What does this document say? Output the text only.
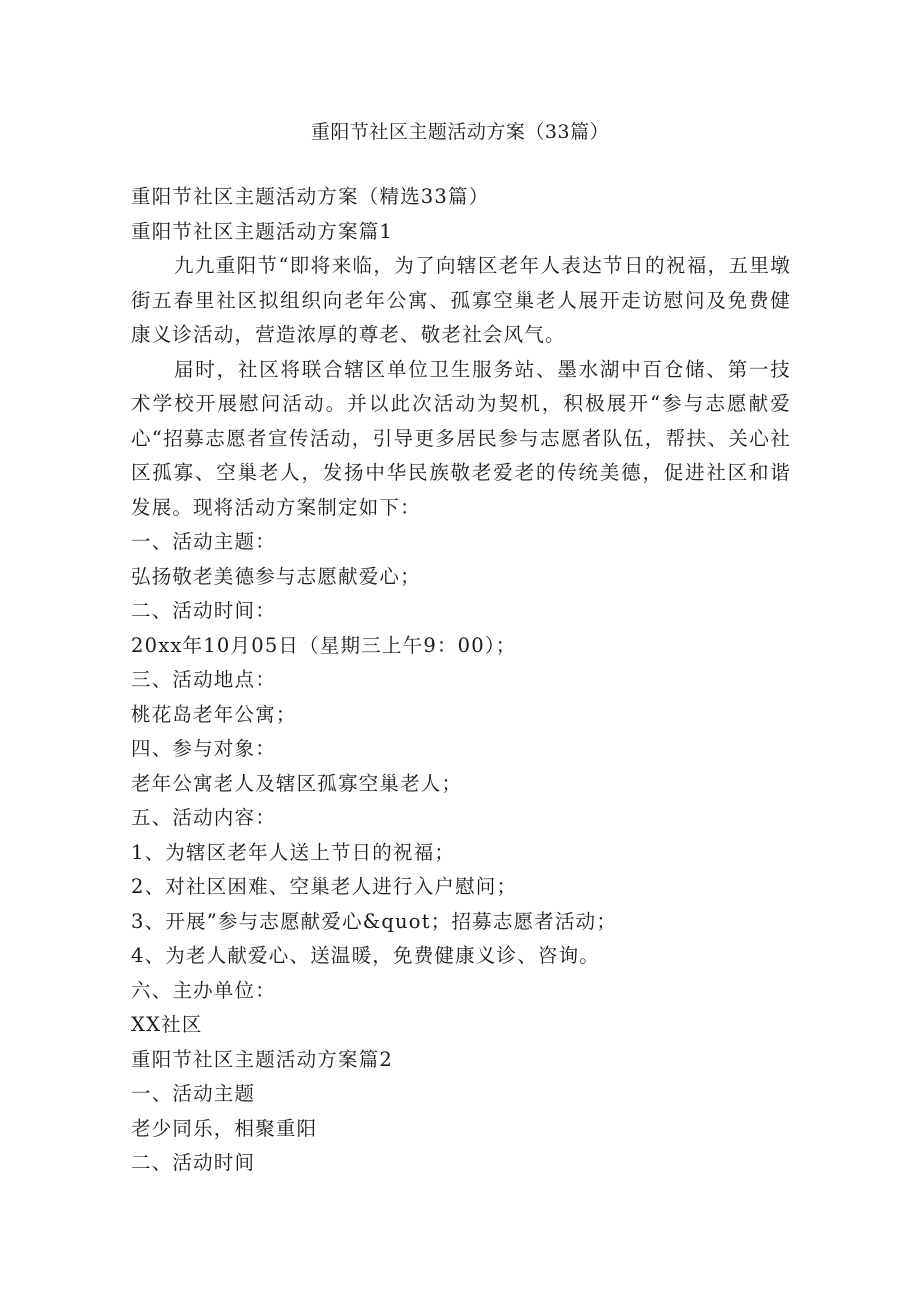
重阳节社区主题活动方案（33篇）

重阳节社区主题活动方案（精选33篇）

重阳节社区主题活动方案篇1

九九重阳节“即将来临，为了向辖区老年人表达节日的祝福，五里墩街五春里社区拟组织向老年公寓、孤寡空巢老人展开走访慰问及免费健康义诊活动，营造浓厚的尊老、敬老社会风气。

届时，社区将联合辖区单位卫生服务站、墨水湖中百仓储、第一技术学校开展慰问活动。并以此次活动为契机，积极展开“参与志愿献爱心“招募志愿者宣传活动，引导更多居民参与志愿者队伍，帮扶、关心社区孤寡、空巢老人，发扬中华民族敬老爱老的传统美德，促进社区和谐发展。现将活动方案制定如下：

一、活动主题：

弘扬敬老美德参与志愿献爱心；

二、活动时间：

20xx年10月05日（星期三上午9：00）；

三、活动地点：

桃花岛老年公寓；

四、参与对象：

老年公寓老人及辖区孤寡空巢老人；

五、活动内容：

1、为辖区老年人送上节日的祝福；

2、对社区困难、空巢老人进行入户慰问；

3、开展”参与志愿献爱心&quot；招募志愿者活动；

4、为老人献爱心、送温暖，免费健康义诊、咨询。

六、主办单位：

XX社区

重阳节社区主题活动方案篇2

一、活动主题

老少同乐，相聚重阳

二、活动时间
